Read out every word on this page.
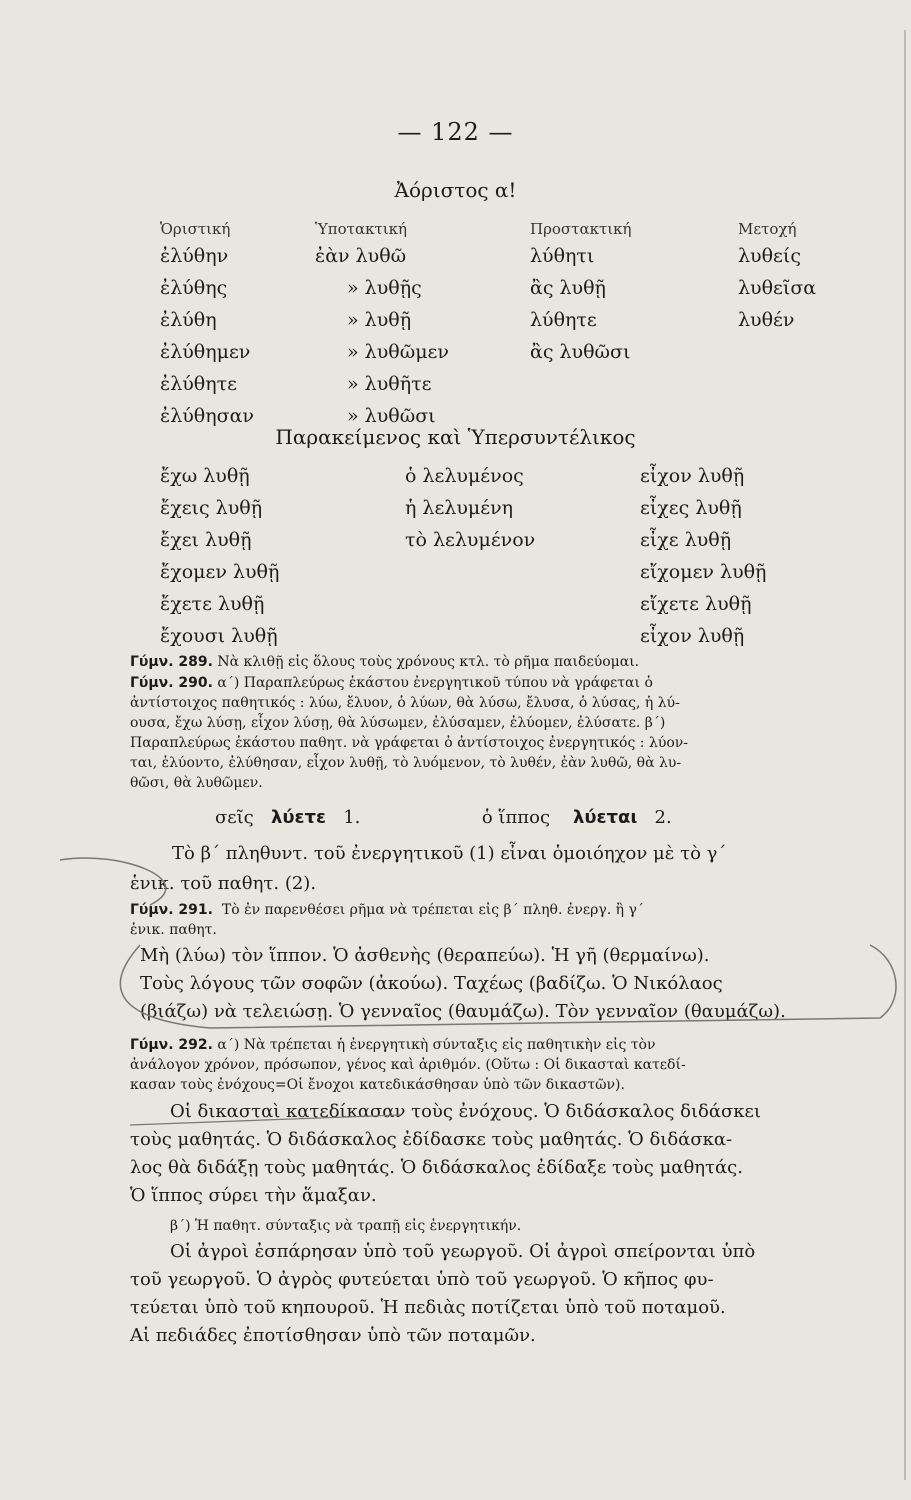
— 122 —
Ἀόριστος α!
Ὁριστική
ἐλύθην
ἐλύθης
ἐλύθη
ἐλύθημεν
ἐλύθητε
ἐλύθησαν
Ὑποτακτική
ἐὰν λυθῶ
» λυθῇς
» λυθῇ
» λυθῶμεν
» λυθῆτε
» λυθῶσι
Προστακτική
λύθητι
ἂς λυθῇ
λύθητε
ἂς λυθῶσι
Μετοχή
λυθείς
λυθεῖσα
λυθέν
Παρακείμενος καὶ Ὑπερσυντέλικος
ἔχω λυθῇ
ἔχεις λυθῇ
ἔχει λυθῇ
ἔχομεν λυθῇ
ἔχετε λυθῇ
ἔχουσι λυθῇ
ὁ λελυμένος
ἡ λελυμένη
τὸ λελυμένον
εἶχον λυθῇ
εἶχες λυθῇ
εἶχε λυθῇ
εἴχομεν λυθῇ
εἴχετε λυθῇ
εἶχον λυθῇ
Γύμν. 289. Νὰ κλιθῇ εἰς ὅλους τοὺς χρόνους κτλ. τὸ ρῆμα παιδεύομαι.
Γύμν. 290. α΄) Παραπλεύρως ἑκάστου ἐνεργητικοῦ τύπου νὰ γράφεται ὁ
ἀντίστοιχος παθητικός : λύω, ἔλυον, ὁ λύων, θὰ λύσω, ἔλυσα, ὁ λύσας, ἡ λύ-
ουσα, ἔχω λύσῃ, εἶχον λύσῃ, θὰ λύσωμεν, ἐλύσαμεν, ἐλύομεν, ἐλύσατε. β΄)
Παραπλεύρως ἑκάστου παθητ. νὰ γράφεται ὁ ἀντίστοιχος ἐνεργητικός : λύον-
ται, ἐλύοντο, ἐλύθησαν, εἶχον λυθῇ, τὸ λυόμενον, τὸ λυθέν, ἐὰν λυθῶ, θὰ λυ-
θῶσι, θὰ λυθῶμεν.
σεῖς λύετε 1.	ὁ ἵππος λύεται 2.
Τὸ β΄ πληθυντ. τοῦ ἐνεργητικοῦ (1) εἶναι ὁμοιόηχον μὲ τὸ γ΄
ἑνικ. τοῦ παθητ. (2).
Γύμν. 291. Τὸ ἐν παρενθέσει ρῆμα νὰ τρέπεται εἰς β΄ πληθ. ἐνεργ. ἢ γ΄
ἑνικ. παθητ.
Μὴ (λύω) τὸν ἵππον. Ὁ ἀσθενὴς (θεραπεύω). Ἡ γῆ (θερμαίνω).
Τοὺς λόγους τῶν σοφῶν (ἀκούω). Ταχέως (βαδίζω. Ὁ Νικόλαος
(βιάζω) νὰ τελειώσῃ. Ὁ γενναῖος (θαυμάζω). Τὸν γενναῖον (θαυμάζω).
Γύμν. 292. α΄) Νὰ τρέπεται ἡ ἐνεργητικὴ σύνταξις εἰς παθητικὴν εἰς τὸν
ἀνάλογον χρόνον, πρόσωπον, γένος καὶ ἀριθμόν. (Οὕτω : Οἱ δικασταὶ κατεδί-
κασαν τοὺς ἐνόχους=Οἱ ἔνοχοι κατεδικάσθησαν ὑπὸ τῶν δικαστῶν).
Οἱ δικασταὶ κατεδίκασαν τοὺς ἐνόχους. Ὁ διδάσκαλος διδάσκει
τοὺς μαθητάς. Ὁ διδάσκαλος ἐδίδασκε τοὺς μαθητάς. Ὁ διδάσκα-
λος θὰ διδάξῃ τοὺς μαθητάς. Ὁ διδάσκαλος ἐδίδαξε τοὺς μαθητάς.
Ὁ ἵππος σύρει τὴν ἅμαξαν.
β΄) Ἡ παθητ. σύνταξις νὰ τραπῇ εἰς ἐνεργητικήν.
Οἱ ἀγροὶ ἐσπάρησαν ὑπὸ τοῦ γεωργοῦ. Οἱ ἀγροὶ σπείρονται ὑπὸ
τοῦ γεωργοῦ. Ὁ ἀγρὸς φυτεύεται ὑπὸ τοῦ γεωργοῦ. Ὁ κῆπος φυ-
τεύεται ὑπὸ τοῦ κηπουροῦ. Ἡ πεδιὰς ποτίζεται ὑπὸ τοῦ ποταμοῦ.
Αἱ πεδιάδες ἐποτίσθησαν ὑπὸ τῶν ποταμῶν.
